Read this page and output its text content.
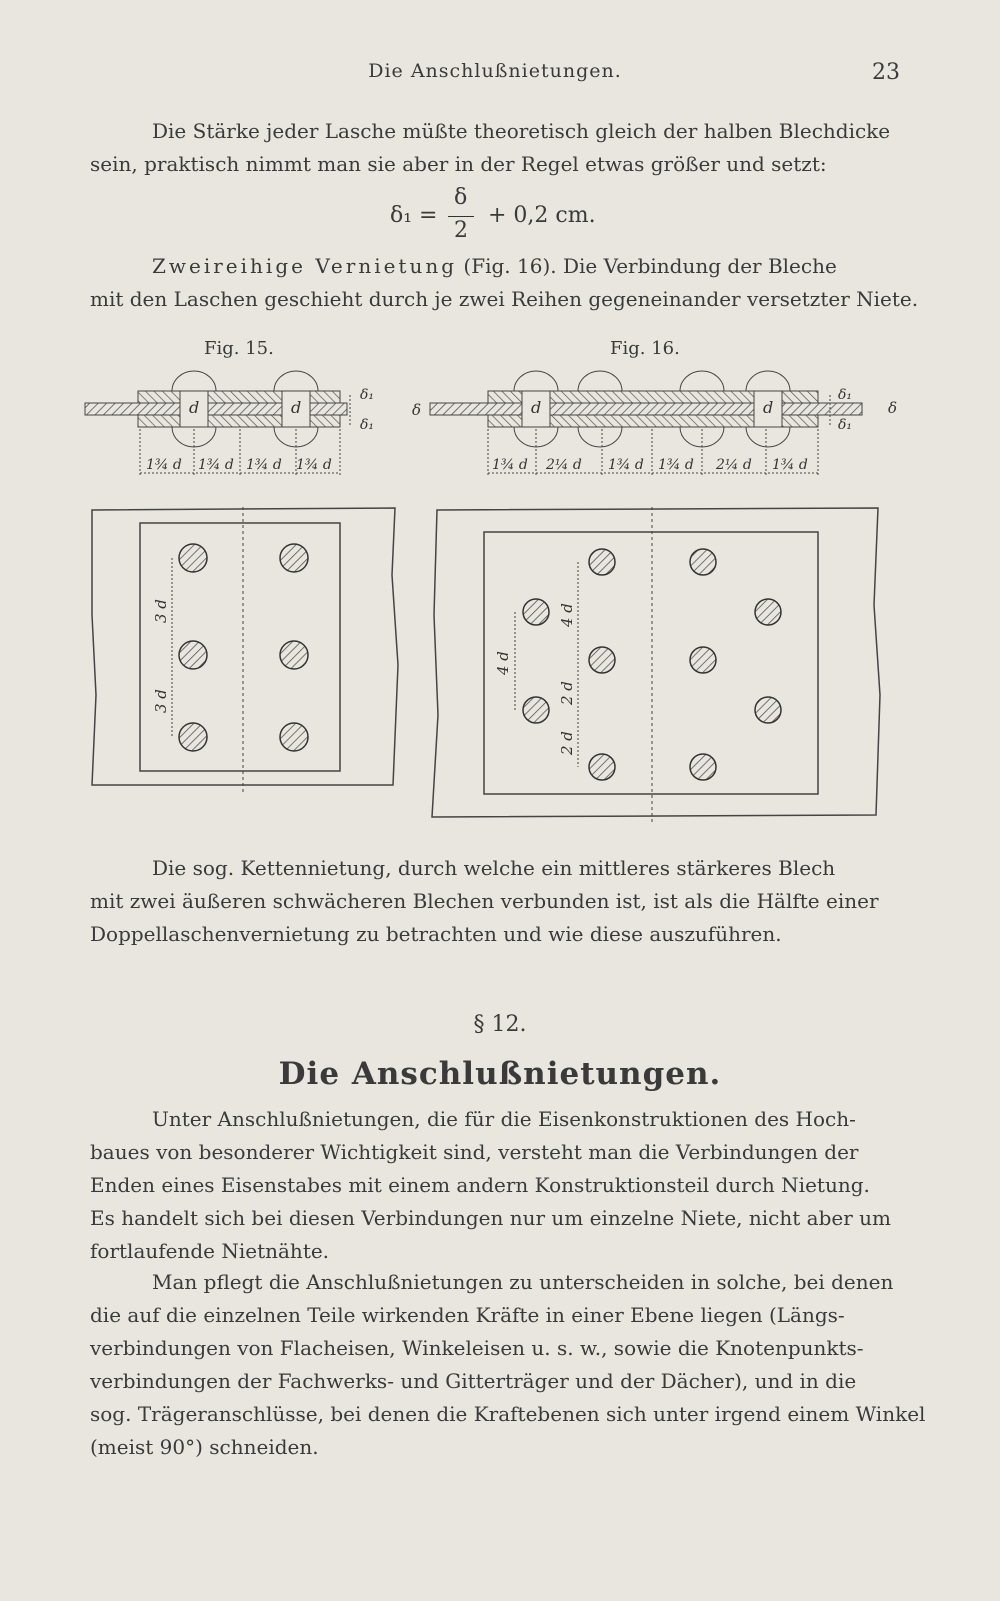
Die Anschlußnietungen.	23
Die Stärke jeder Lasche müßte theoretisch gleich der halben Blechdicke
sein, praktisch nimmt man sie aber in der Regel etwas größer und setzt:
δ₁ =
δ
2
+ 0,2 cm.
Zweireihige Vernietung (Fig. 16). Die Verbindung der Bleche
mit den Laschen geschieht durch je zwei Reihen gegeneinander versetzter Niete.
Fig. 15.	Fig. 16.
d	d
δ₁
δ₁
δ
1¾ d 1¾ d 1¾ d 1¾ d
d	d
δ₁
δ₁
δ
1¾ d 2¼ d 1¾ d 1¾ d 2¼ d 1¾ d
3 d
3 d
4 d
4 d
2 d
2 d
Die sog. Kettennietung, durch welche ein mittleres stärkeres Blech
mit zwei äußeren schwächeren Blechen verbunden ist, ist als die Hälfte einer
Doppellaschenvernietung zu betrachten und wie diese auszuführen.
§ 12.
Die Anschlußnietungen.
Unter Anschlußnietungen, die für die Eisenkonstruktionen des Hoch-
baues von besonderer Wichtigkeit sind, versteht man die Verbindungen der
Enden eines Eisenstabes mit einem andern Konstruktionsteil durch Nietung.
Es handelt sich bei diesen Verbindungen nur um einzelne Niete, nicht aber um
fortlaufende Nietnähte.
Man pflegt die Anschlußnietungen zu unterscheiden in solche, bei denen
die auf die einzelnen Teile wirkenden Kräfte in einer Ebene liegen (Längs-
verbindungen von Flacheisen, Winkeleisen u. s. w., sowie die Knotenpunkts-
verbindungen der Fachwerks- und Gitterträger und der Dächer), und in die
sog. Trägeranschlüsse, bei denen die Kraftebenen sich unter irgend einem Winkel
(meist 90°) schneiden.
